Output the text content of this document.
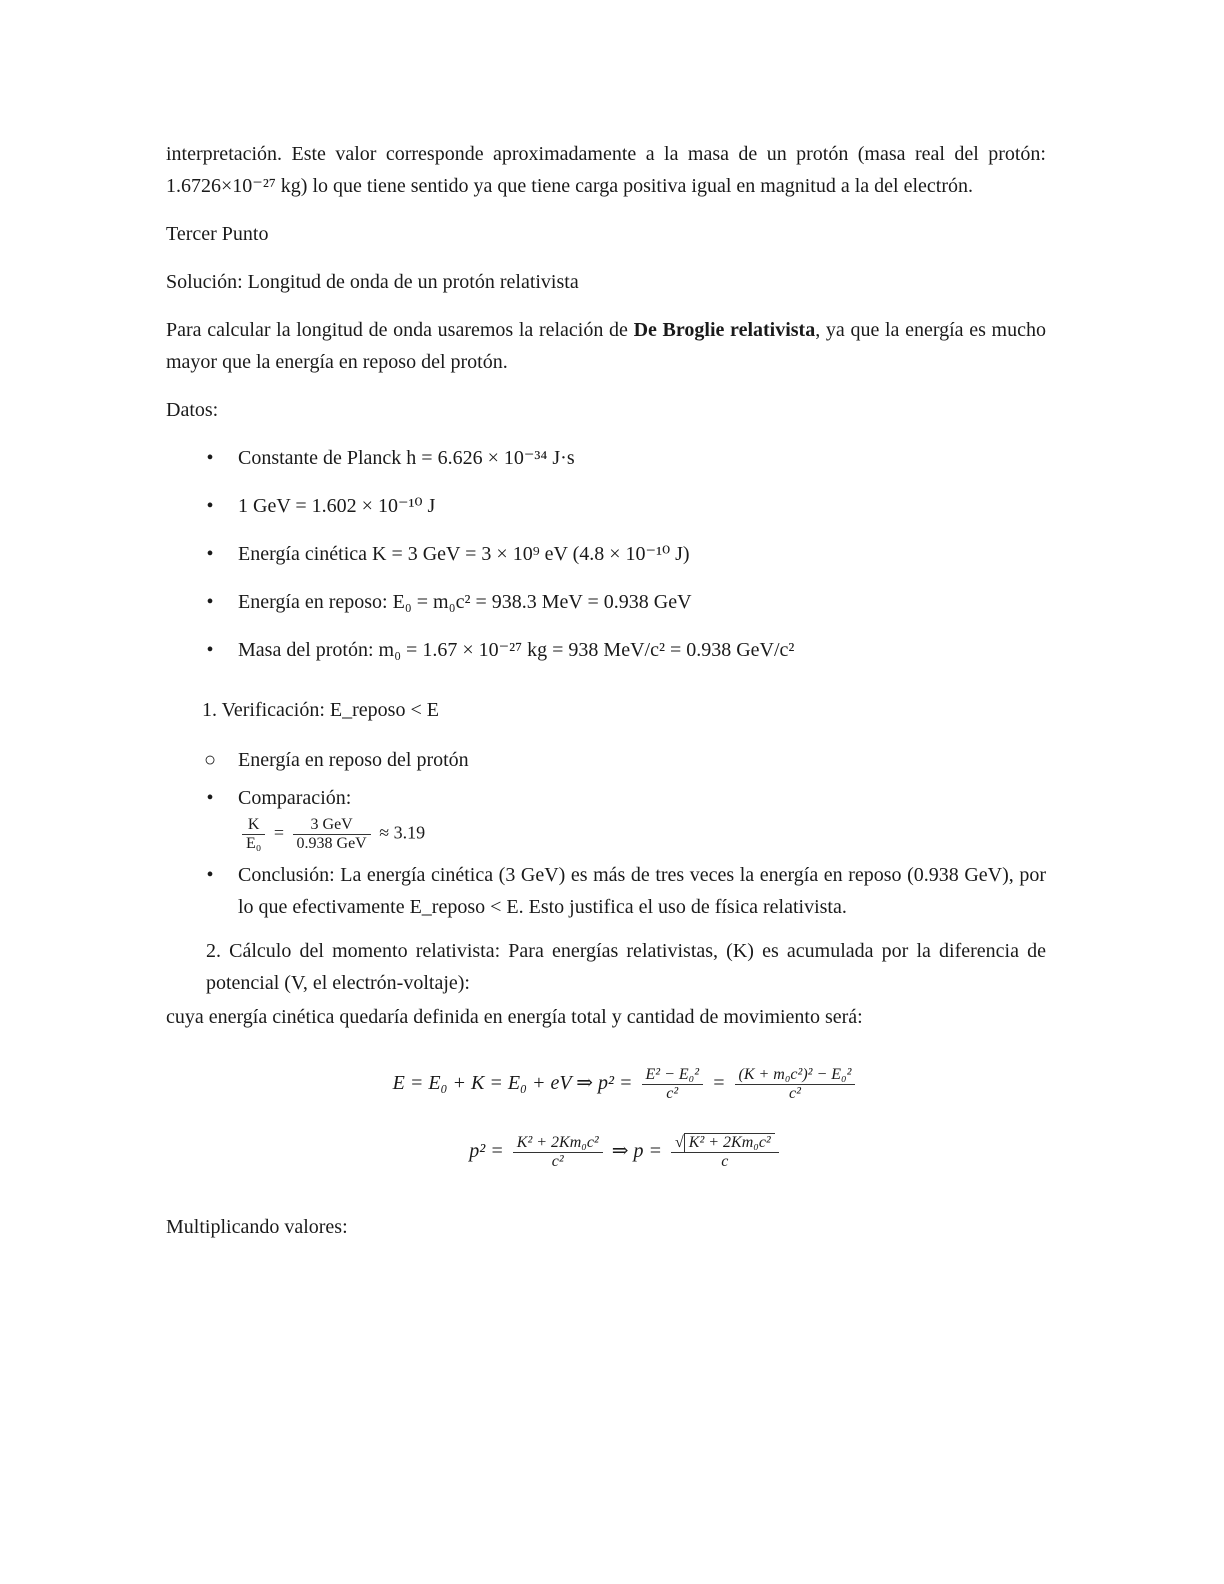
interpretación. Este valor corresponde aproximadamente a la masa de un protón (masa real del protón: 1.6726×10⁻²⁷ kg) lo que tiene sentido ya que tiene carga positiva igual en magnitud a la del electrón.

Tercer Punto

Solución: Longitud de onda de un protón relativista

Para calcular la longitud de onda usaremos la relación de De Broglie relativista, ya que la energía es mucho mayor que la energía en reposo del protón.

Datos:

• Constante de Planck h = 6.626 × 10⁻³⁴ J·s
• 1 GeV = 1.602 × 10⁻¹⁰ J
• Energía cinética K = 3 GeV = 3 × 10⁹ eV (4.8 × 10⁻¹⁰ J)
• Energía en reposo: E₀ = m₀c² = 938.3 MeV = 0.938 GeV
• Masa del protón: m₀ = 1.67 × 10⁻²⁷ kg = 938 MeV/c² = 0.938 GeV/c²

1. Verificación: E_reposo < E

○ Energía en reposo del protón
• Comparación:
$\frac{K}{\text{E₀}} = \frac{\text{3 GeV}}{\text{0.938 GeV}} \approx 3.19$
• Conclusión: La energía cinética (3 GeV) es más de tres veces la energía en reposo (0.938 GeV), por lo que efectivamente E_reposo < E. Esto justifica el uso de física relativista.

2. Cálculo del momento relativista: Para energías relativistas, (K) es acumulada por la diferencia de potencial (V, el electrón-voltaje):

cuya energía cinética quedaría definida en energía total y cantidad de movimiento será:

E = E₀ + K = E₀ + eV ⇒ $p^2 = \frac{\text{E² − E₀²}}{\text{c²}} = \frac{\text{(K + m₀c²)² − E₀²}}{\text{c²}}$
$p^2 = \frac{\text{K² + 2Km₀c²}}{\text{c²}}$ ⇒ $p = \frac{\text{√ K² + 2Km₀c²}}{c}$

Multiplicando valores:
